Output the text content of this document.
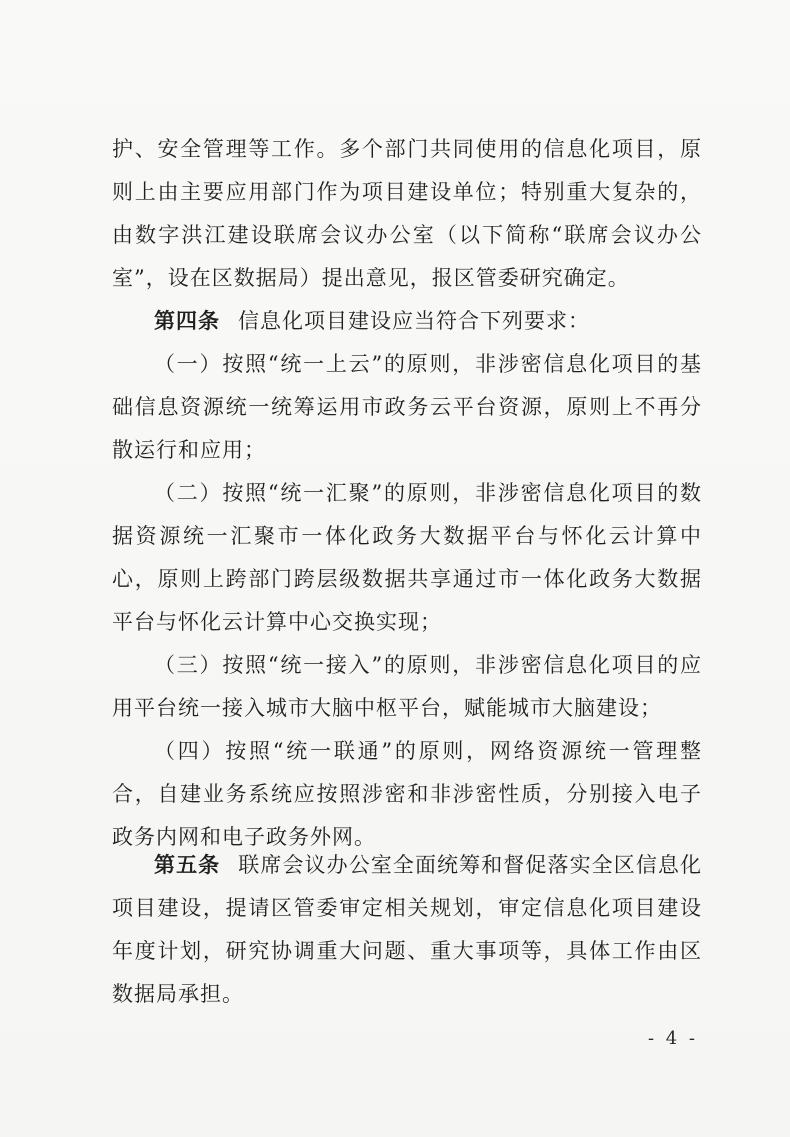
护、安全管理等工作。多个部门共同使用的信息化项目，原则上由主要应用部门作为项目建设单位；特别重大复杂的，由数字洪江建设联席会议办公室（以下简称“联席会议办公室”，设在区数据局）提出意见，报区管委研究确定。

第四条 信息化项目建设应当符合下列要求：

（一）按照“统一上云”的原则，非涉密信息化项目的基础信息资源统一统筹运用市政务云平台资源，原则上不再分散运行和应用；

（二）按照“统一汇聚”的原则，非涉密信息化项目的数据资源统一汇聚市一体化政务大数据平台与怀化云计算中心，原则上跨部门跨层级数据共享通过市一体化政务大数据平台与怀化云计算中心交换实现；

（三）按照“统一接入”的原则，非涉密信息化项目的应用平台统一接入城市大脑中枢平台，赋能城市大脑建设；

（四）按照“统一联通”的原则，网络资源统一管理整合，自建业务系统应按照涉密和非涉密性质，分别接入电子政务内网和电子政务外网。

第五条 联席会议办公室全面统筹和督促落实全区信息化项目建设，提请区管委审定相关规划，审定信息化项目建设年度计划，研究协调重大问题、重大事项等，具体工作由区数据局承担。

- 4 -
